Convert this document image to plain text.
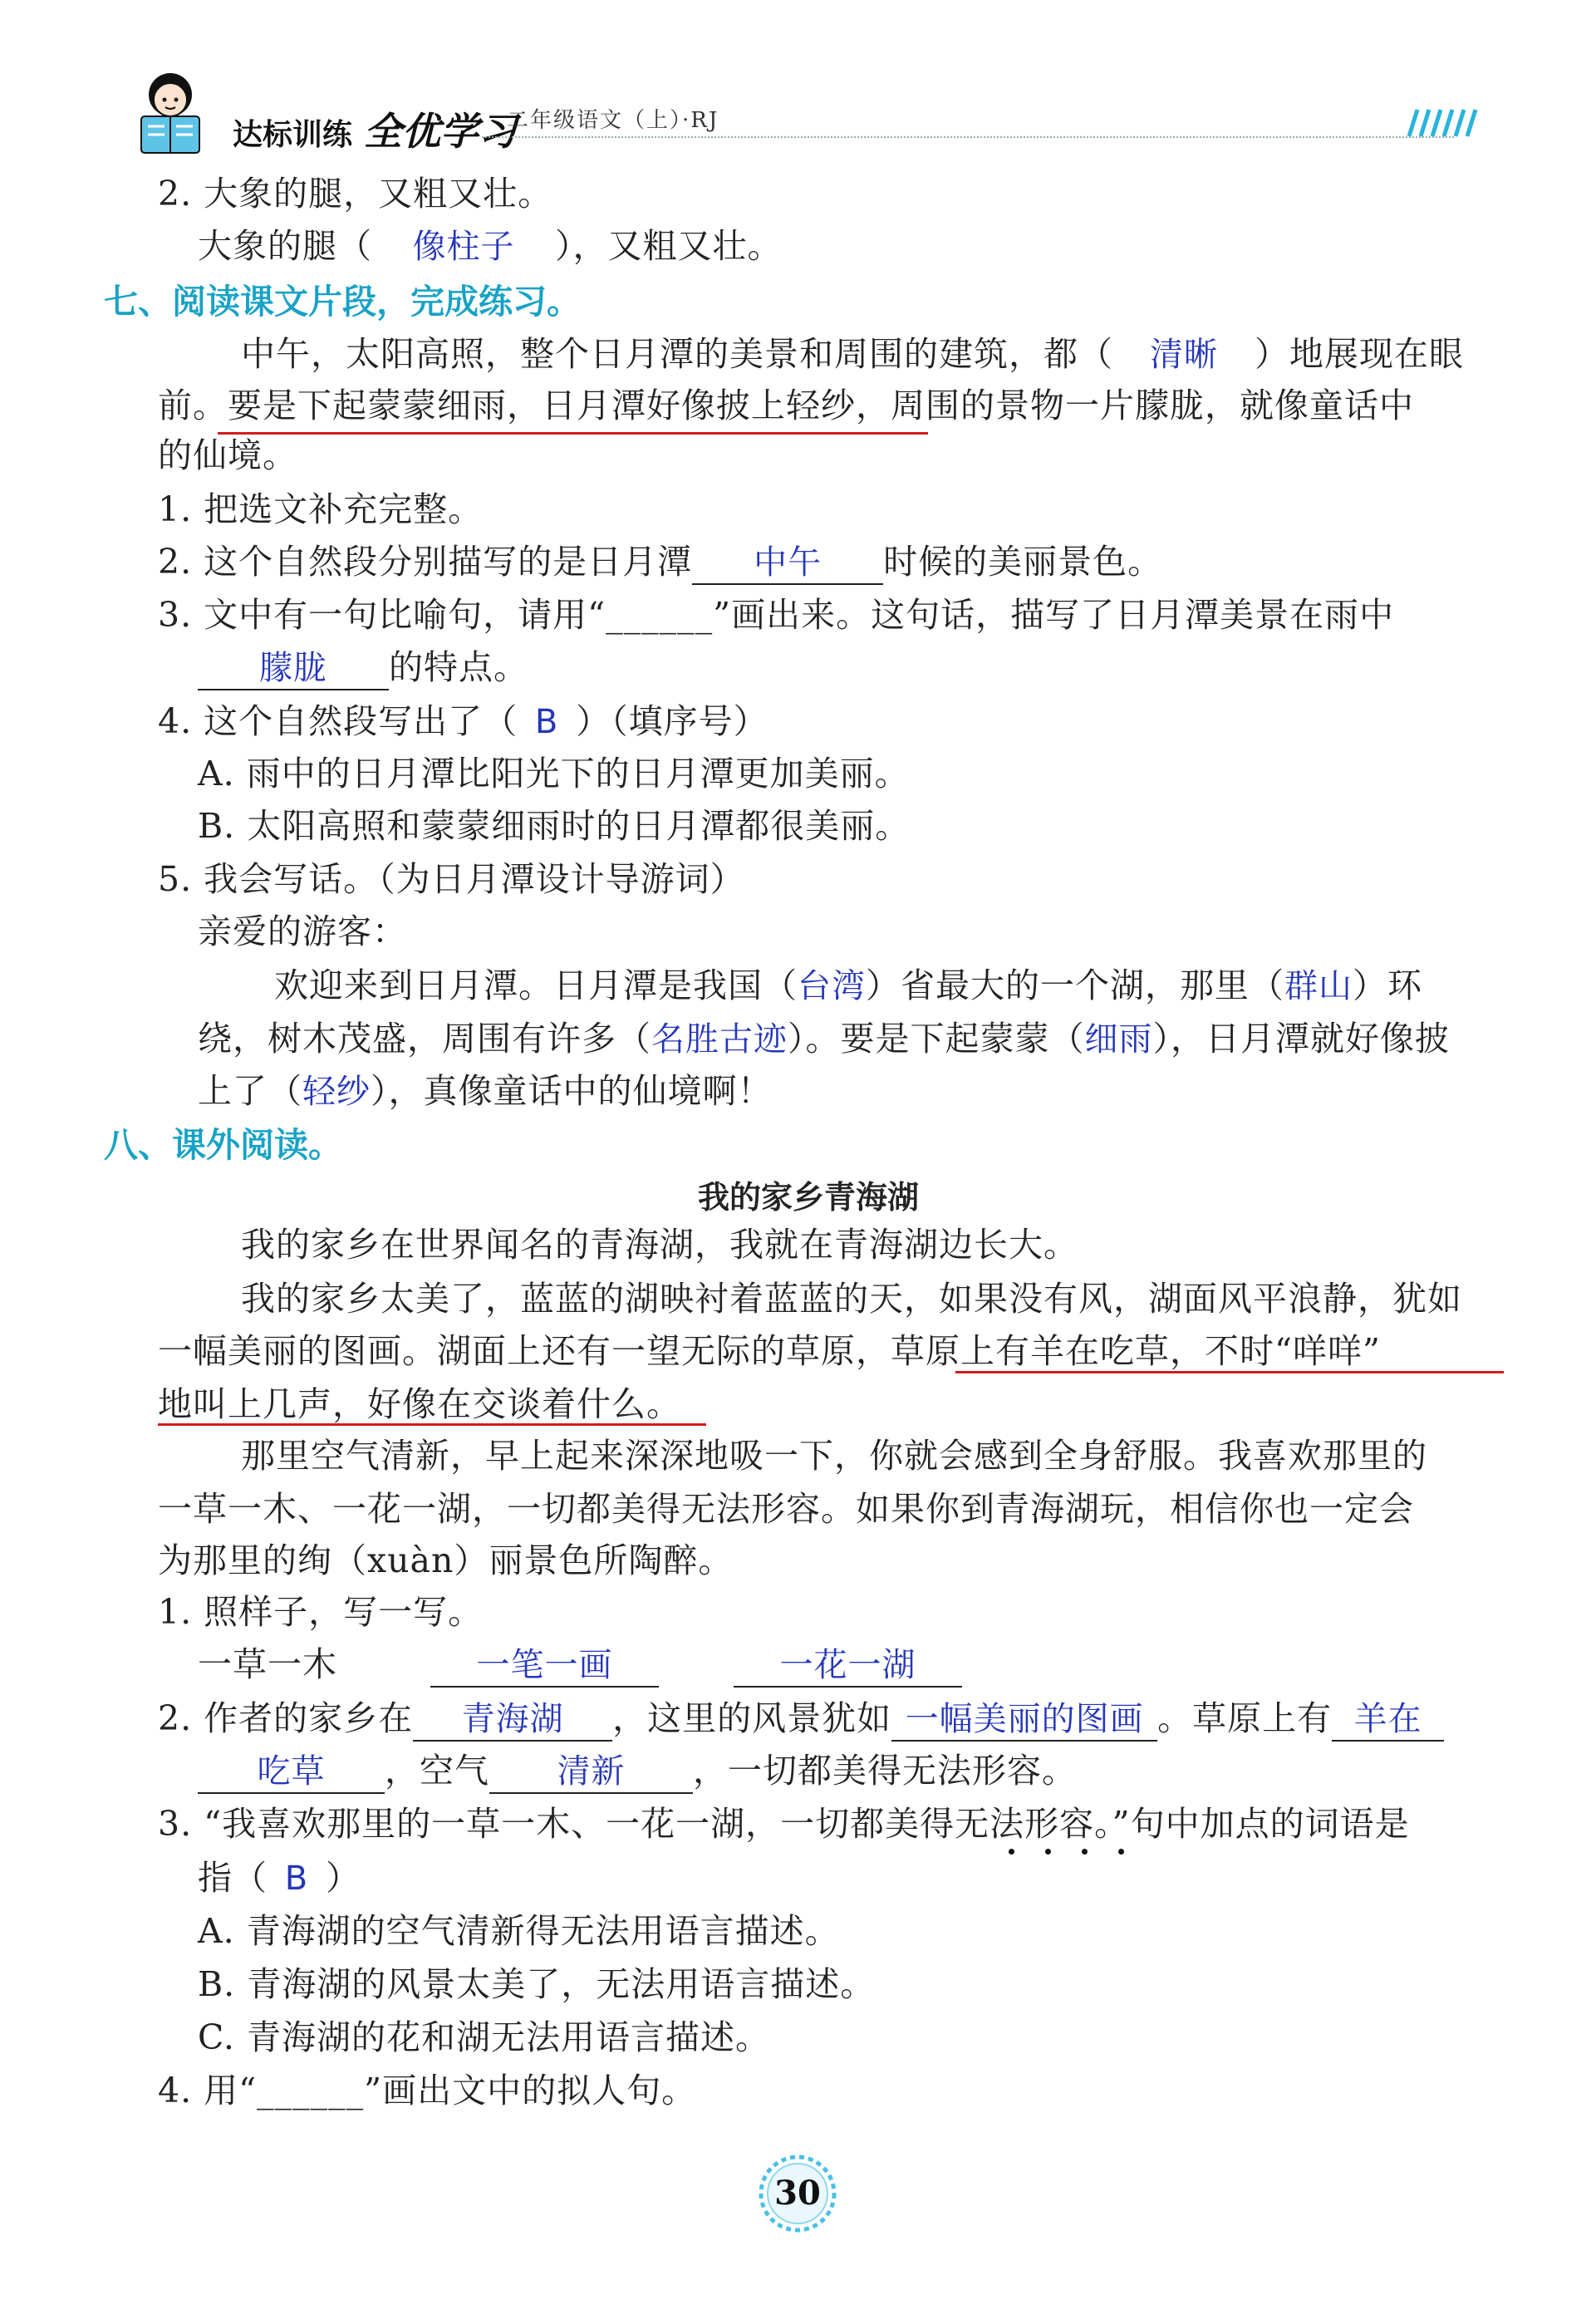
达标训练 全优学习
二年级语文（上）·RJ
2. 大象的腿，又粗又壮。
大象的腿（ 像柱子 ），又粗又壮。
七、阅读课文片段，完成练习。
中午，太阳高照，整个日月潭的美景和周围的建筑，都（ 清晰 ）地展现在眼
前。要是下起蒙蒙细雨，日月潭好像披上轻纱，周围的景物一片朦胧，就像童话中
的仙境。
1. 把选文补充完整。
2. 这个自然段分别描写的是日月潭 中午 时候的美丽景色。
3. 文中有一句比喻句，请用“______”画出来。这句话，描写了日月潭美景在雨中
朦胧 的特点。
4. 这个自然段写出了（ B ）（填序号）
A. 雨中的日月潭比阳光下的日月潭更加美丽。
B. 太阳高照和蒙蒙细雨时的日月潭都很美丽。
5. 我会写话。（为日月潭设计导游词）
亲爱的游客：
欢迎来到日月潭。日月潭是我国（台湾）省最大的一个湖，那里（群山）环
绕，树木茂盛，周围有许多（名胜古迹）。要是下起蒙蒙（细雨），日月潭就好像披
上了（轻纱），真像童话中的仙境啊！
八、课外阅读。
我的家乡青海湖
我的家乡在世界闻名的青海湖，我就在青海湖边长大。
我的家乡太美了，蓝蓝的湖映衬着蓝蓝的天，如果没有风，湖面风平浪静，犹如
一幅美丽的图画。湖面上还有一望无际的草原，草原上有羊在吃草，不时“咩咩”
地叫上几声，好像在交谈着什么。
那里空气清新，早上起来深深地吸一下，你就会感到全身舒服。我喜欢那里的
一草一木、一花一湖，一切都美得无法形容。如果你到青海湖玩，相信你也一定会
为那里的绚（xuàn）丽景色所陶醉。
1. 照样子，写一写。
一草一木	一笔一画	一花一湖
2. 作者的家乡在 青海湖 ，这里的风景犹如 一幅美丽的图画 。草原上有 羊在
吃草 ，空气 清新 ，一切都美得无法形容。
3. “我喜欢那里的一草一木、一花一湖，一切都美得无法形容。”句中加点的词语是
指（ B ）
A. 青海湖的空气清新得无法用语言描述。
B. 青海湖的风景太美了，无法用语言描述。
C. 青海湖的花和湖无法用语言描述。
4. 用“______”画出文中的拟人句。
30
